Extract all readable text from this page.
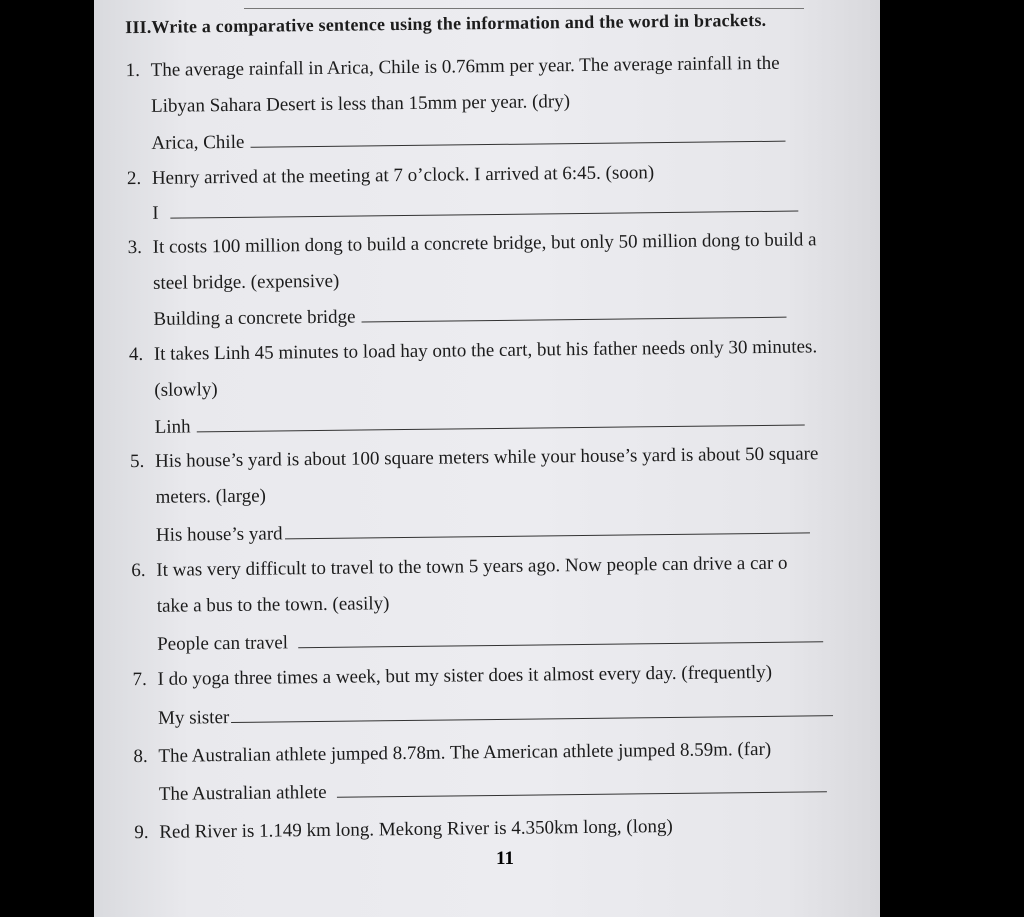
III.Write a comparative sentence using the information and the word in brackets.
1. The average rainfall in Arica, Chile is 0.76mm per year. The average rainfall in the
Libyan Sahara Desert is less than 15mm per year. (dry)
Arica, Chile
2. Henry arrived at the meeting at 7 o’clock. I arrived at 6:45. (soon)
I
3. It costs 100 million dong to build a concrete bridge, but only 50 million dong to build a
steel bridge. (expensive)
Building a concrete bridge
4. It takes Linh 45 minutes to load hay onto the cart, but his father needs only 30 minutes.
(slowly)
Linh
5. His house’s yard is about 100 square meters while your house’s yard is about 50 square
meters. (large)
His house’s yard
6. It was very difficult to travel to the town 5 years ago. Now people can drive a car o
take a bus to the town. (easily)
People can travel
7. I do yoga three times a week, but my sister does it almost every day. (frequently)
My sister
8. The Australian athlete jumped 8.78m. The American athlete jumped 8.59m. (far)
The Australian athlete
9. Red River is 1.149 km long. Mekong River is 4.350km long, (long)
11
